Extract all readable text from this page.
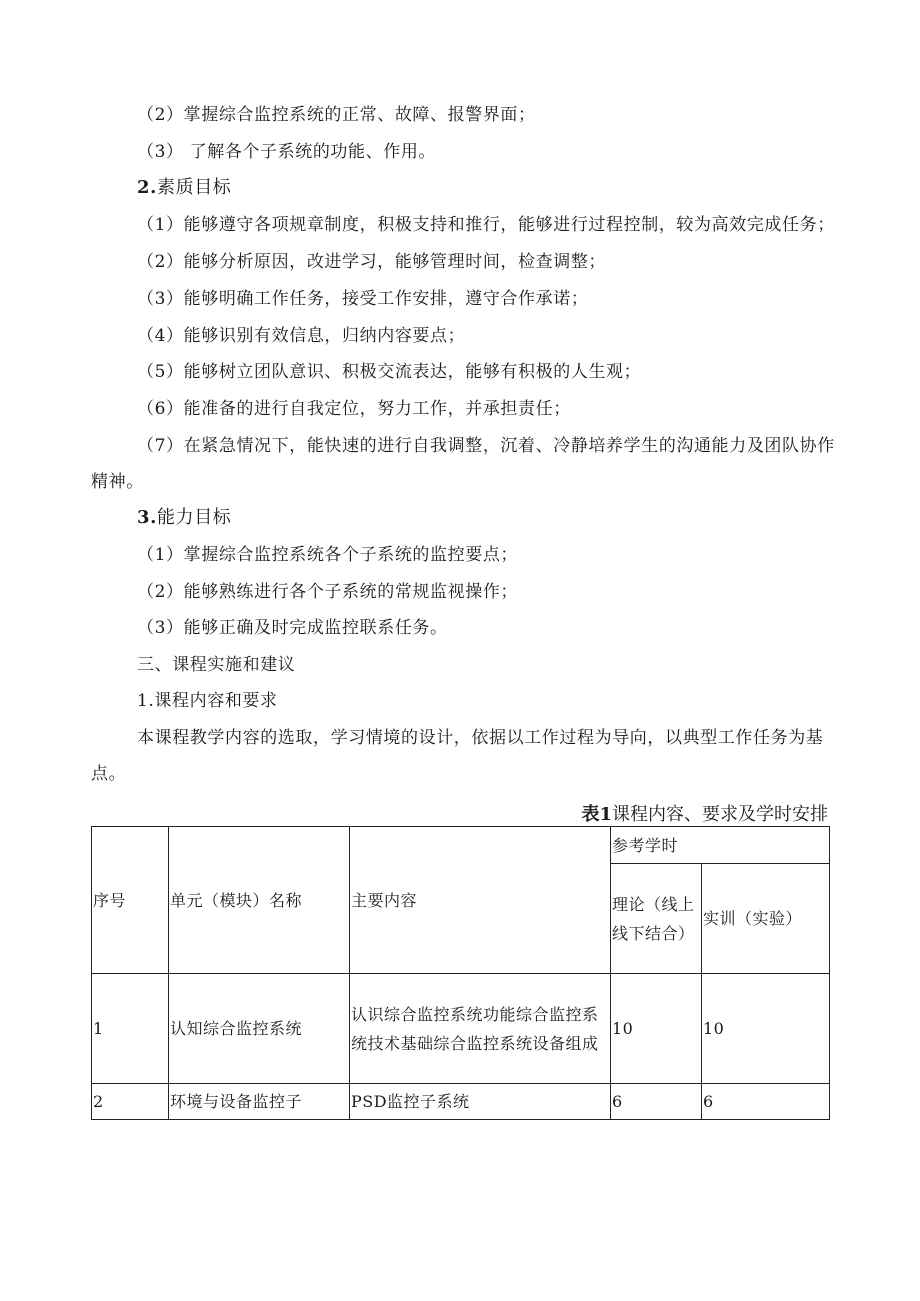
（2）掌握综合监控系统的正常、故障、报警界面；
（3） 了解各个子系统的功能、作用。
2.素质目标
（1）能够遵守各项规章制度，积极支持和推行，能够进行过程控制，较为高效完成任务；
（2）能够分析原因，改进学习，能够管理时间，检查调整；
（3）能够明确工作任务，接受工作安排，遵守合作承诺；
（4）能够识别有效信息，归纳内容要点；
（5）能够树立团队意识、积极交流表达，能够有积极的人生观；
（6）能准备的进行自我定位，努力工作，并承担责任；
（7）在紧急情况下，能快速的进行自我调整，沉着、冷静培养学生的沟通能力及团队协作
精神。
3.能力目标
（1）掌握综合监控系统各个子系统的监控要点；
（2）能够熟练进行各个子系统的常规监视操作；
（3）能够正确及时完成监控联系任务。
三、课程实施和建议
1.课程内容和要求
本课程教学内容的选取，学习情境的设计，依据以工作过程为导向，以典型工作任务为基
点。
表1课程内容、要求及学时安排
序号	单元（模块）名称	主要内容	参考学时	

			理论（线上
线下结合）	实训（实验）
1	认知综合监控系统	认识综合监控系统功能综合监控系
统技术基础综合监控系统设备组成	10	10
2	环境与设备监控子	PSD监控子系统	6	6
